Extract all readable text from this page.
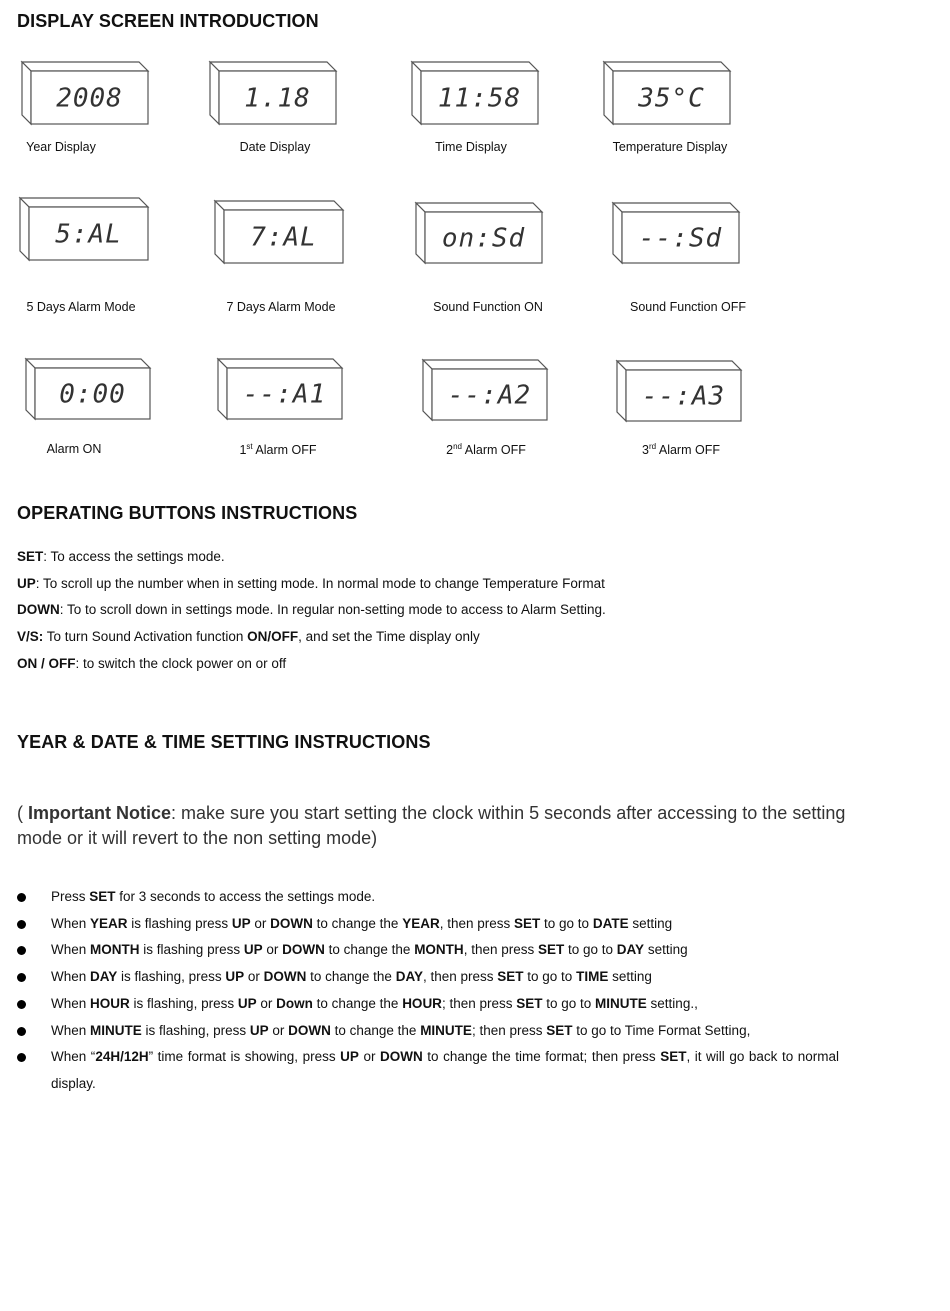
DISPLAY SCREEN INTRODUCTION
2008	1.18	11:58	35°C
Year Display	Date Display	Time Display	Temperature Display
5:AL	7:AL	on:Sd	--:Sd
5 Days Alarm Mode	7 Days Alarm Mode	Sound Function ON	Sound Function OFF
0:00	--:A1	--:A2	--:A3
Alarm ON	1st Alarm OFF	2nd Alarm OFF	3rd Alarm OFF
OPERATING BUTTONS INSTRUCTIONS
SET: To access the settings mode.
UP: To scroll up the number when in setting mode. In normal mode to change Temperature Format
DOWN: To to scroll down in settings mode. In regular non-setting mode to access to Alarm Setting.
V/S: To turn Sound Activation function ON/OFF, and set the Time display only
ON / OFF: to switch the clock power on or off
YEAR & DATE & TIME SETTING INSTRUCTIONS
( Important Notice: make sure you start setting the clock within 5 seconds after accessing to the setting mode or it will revert to the non setting mode)
Press SET for 3 seconds to access the settings mode.
When YEAR is flashing press UP or DOWN to change the YEAR, then press SET to go to DATE setting
When MONTH is flashing press UP or DOWN to change the MONTH, then press SET to go to DAY setting
When DAY is flashing, press UP or DOWN to change the DAY, then press SET to go to TIME setting
When HOUR is flashing, press UP or Down to change the HOUR; then press SET to go to MINUTE setting.,
When MINUTE is flashing, press UP or DOWN to change the MINUTE; then press SET to go to Time Format Setting,
When “24H/12H” time format is showing, press UP or DOWN to change the time format; then press SET, it will go back to normal display.
